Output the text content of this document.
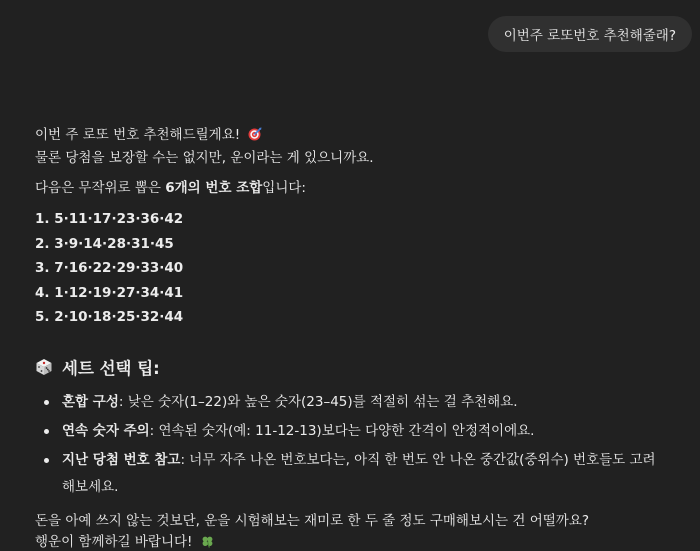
이번주 로또번호 추천해줄래?
이번 주 로또 번호 추천해드릴게요!
물론 당첨을 보장할 수는 없지만, 운이라는 게 있으니까요.
다음은 무작위로 뽑은 6개의 번호 조합입니다:
1. 5·11·17·23·36·42
2. 3·9·14·28·31·45
3. 7·16·22·29·33·40
4. 1·12·19·27·34·41
5. 2·10·18·25·32·44
세트 선택 팁:
혼합 구성: 낮은 숫자(1–22)와 높은 숫자(23–45)를 적절히 섞는 걸 추천해요.
연속 숫자 주의: 연속된 숫자(예: 11-12-13)보다는 다양한 간격이 안정적이에요.
지난 당첨 번호 참고: 너무 자주 나온 번호보다는, 아직 한 번도 안 나온 중간값(중위수) 번호들도 고려
해보세요.
돈을 아예 쓰지 않는 것보단, 운을 시험해보는 재미로 한 두 줄 정도 구매해보시는 건 어떨까요?
행운이 함께하길 바랍니다!
